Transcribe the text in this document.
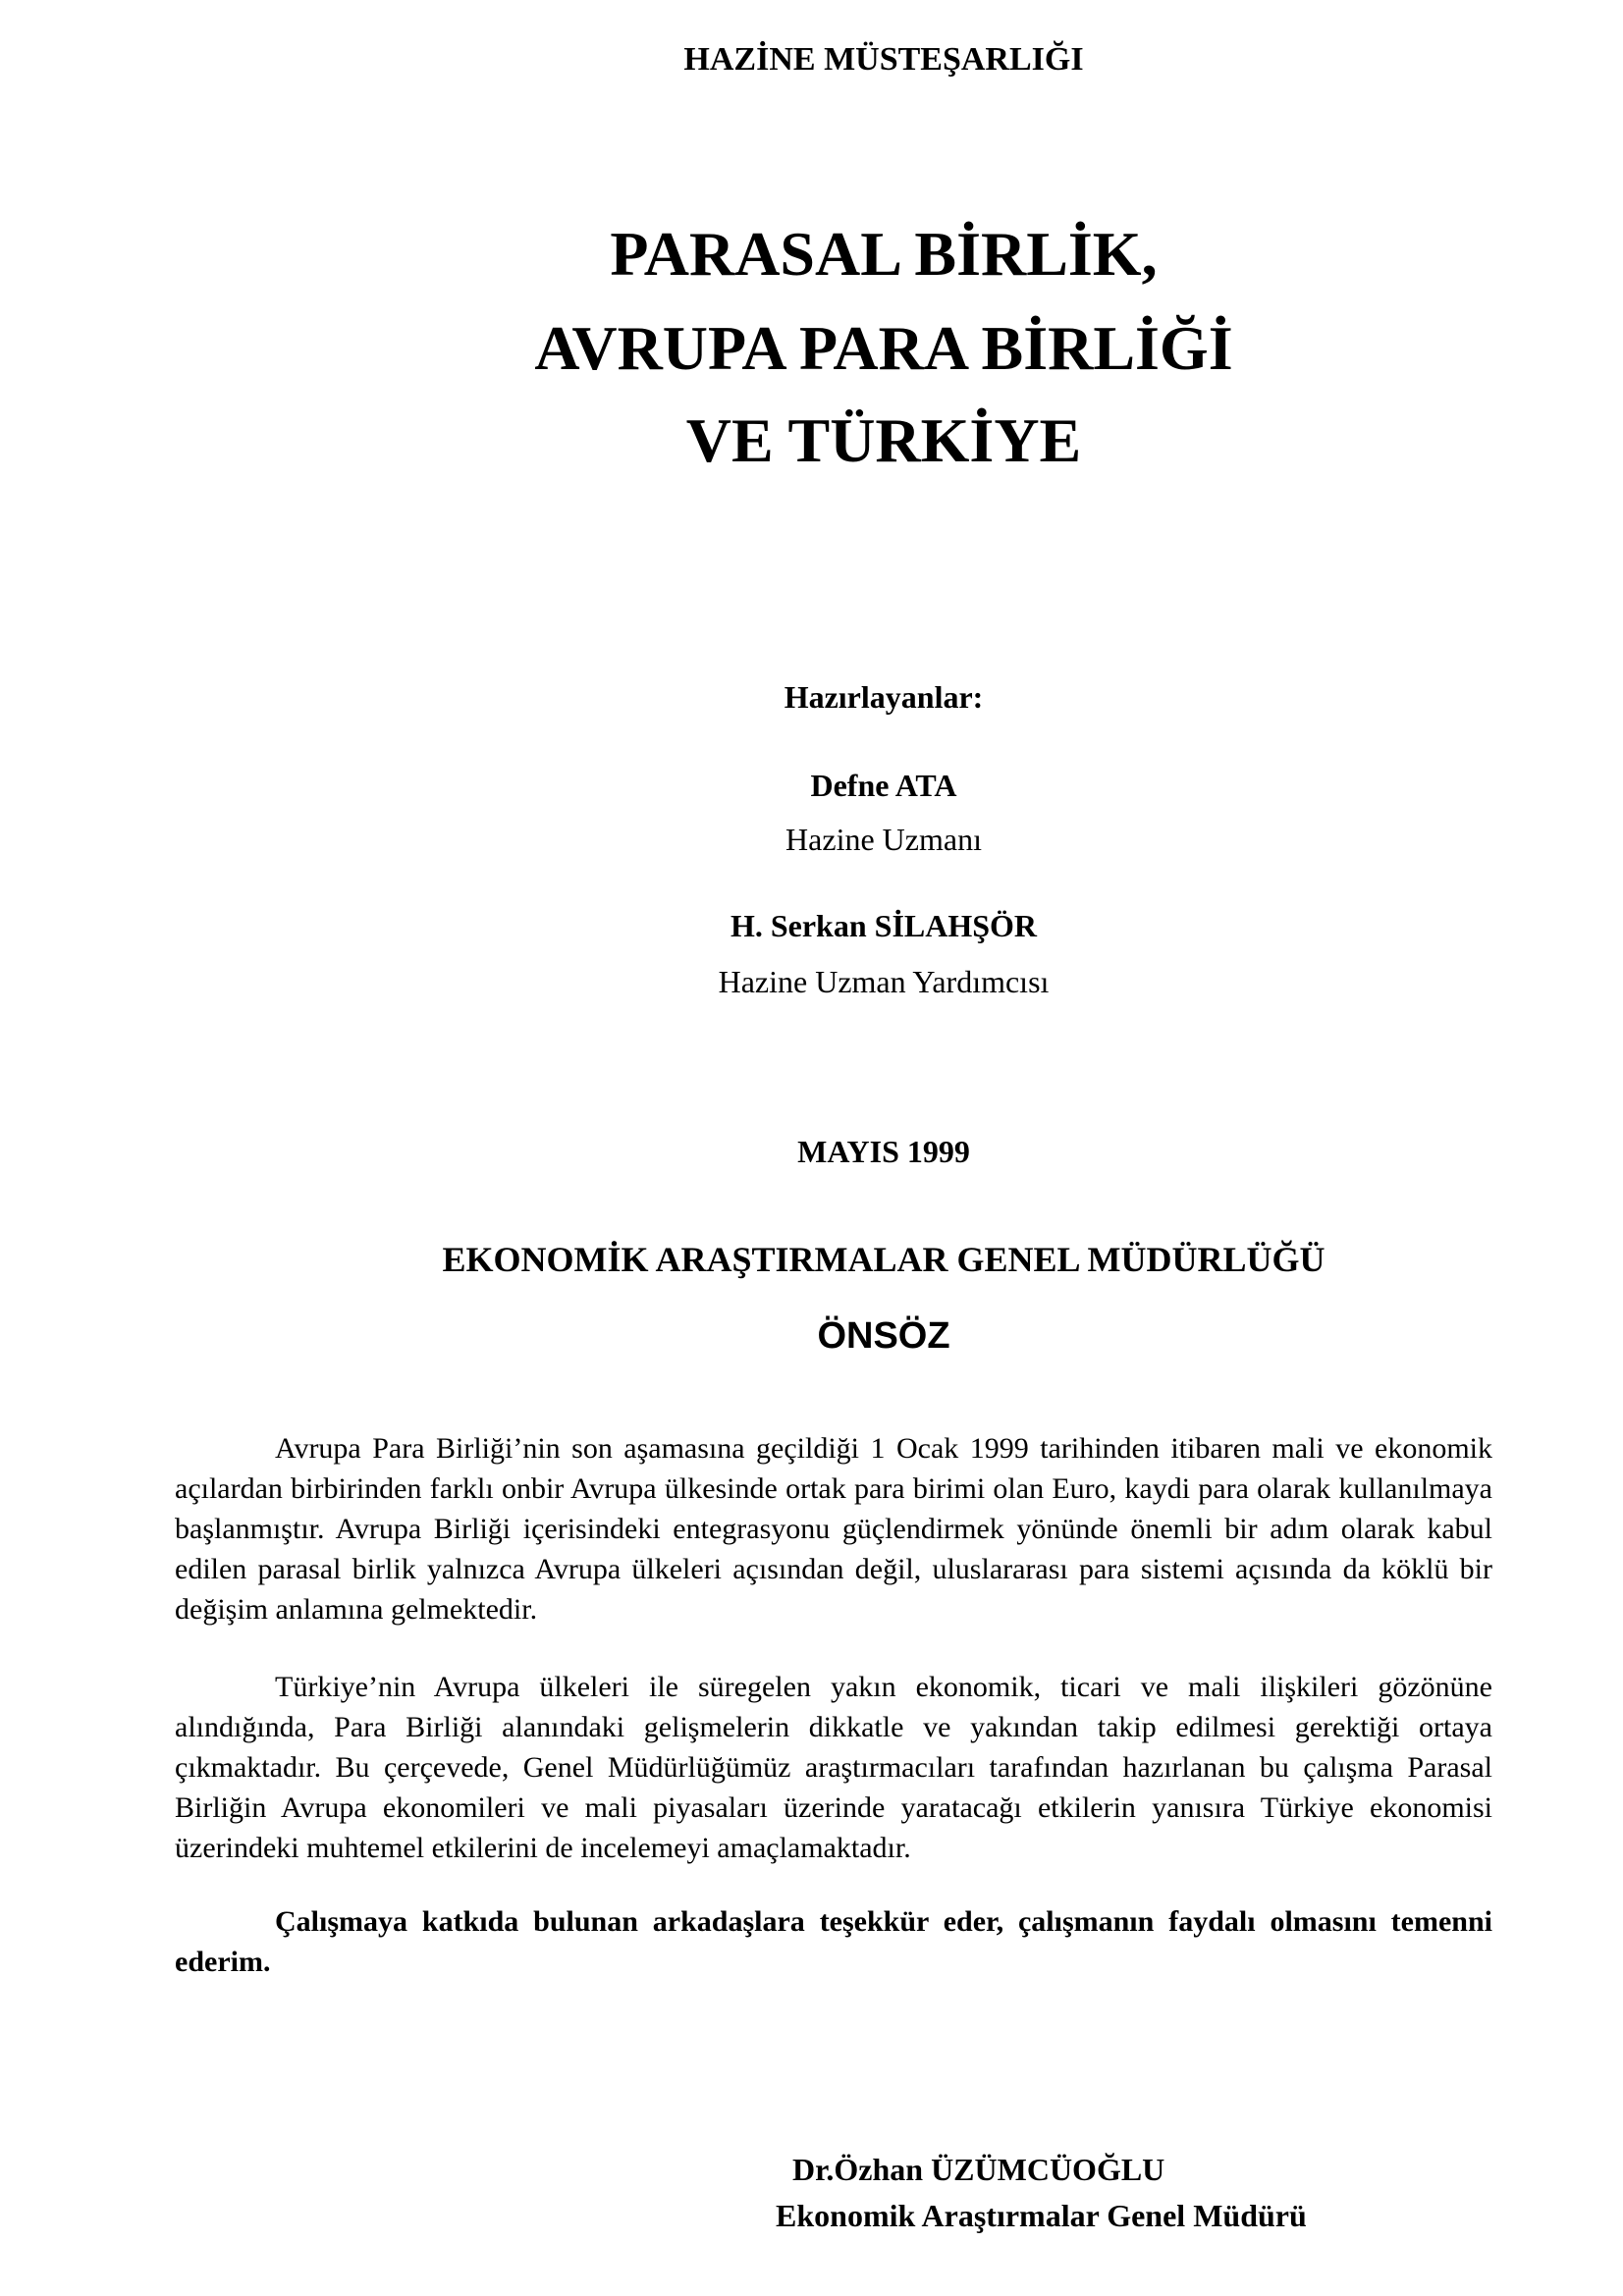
HAZİNE MÜSTEŞARLIĞI
PARASAL BİRLİK,
AVRUPA PARA BİRLİĞİ
VE TÜRKİYE
Hazırlayanlar:
Defne ATA
Hazine Uzmanı
H. Serkan SİLAHŞÖR
Hazine Uzman Yardımcısı
MAYIS 1999
EKONOMİK ARAŞTIRMALAR GENEL MÜDÜRLÜĞÜ
ÖNSÖZ

Avrupa Para Birliği’nin son aşamasına geçildiği 1 Ocak 1999 tarihinden itibaren mali ve ekonomik açılardan birbirinden farklı onbir Avrupa ülkesinde ortak para birimi olan Euro, kaydi para olarak kullanılmaya başlanmıştır. Avrupa Birliği içerisindeki entegrasyonu güçlendirmek yönünde önemli bir adım olarak kabul edilen parasal birlik yalnızca Avrupa ülkeleri açısından değil, uluslararası para sistemi açısında da köklü bir değişim anlamına gelmektedir.

Türkiye’nin Avrupa ülkeleri ile süregelen yakın ekonomik, ticari ve mali ilişkileri gözönüne alındığında, Para Birliği alanındaki gelişmelerin dikkatle ve yakından takip edilmesi gerektiği ortaya çıkmaktadır. Bu çerçevede, Genel Müdürlüğümüz araştırmacıları tarafından hazırlanan bu çalışma Parasal Birliğin Avrupa ekonomileri ve mali piyasaları üzerinde yaratacağı etkilerin yanısıra Türkiye ekonomisi üzerindeki muhtemel etkilerini de incelemeyi amaçlamaktadır.

Çalışmaya katkıda bulunan arkadaşlara teşekkür eder, çalışmanın faydalı olmasını temenni ederim.

Dr.Özhan ÜZÜMCÜOĞLU
Ekonomik Araştırmalar Genel Müdürü
